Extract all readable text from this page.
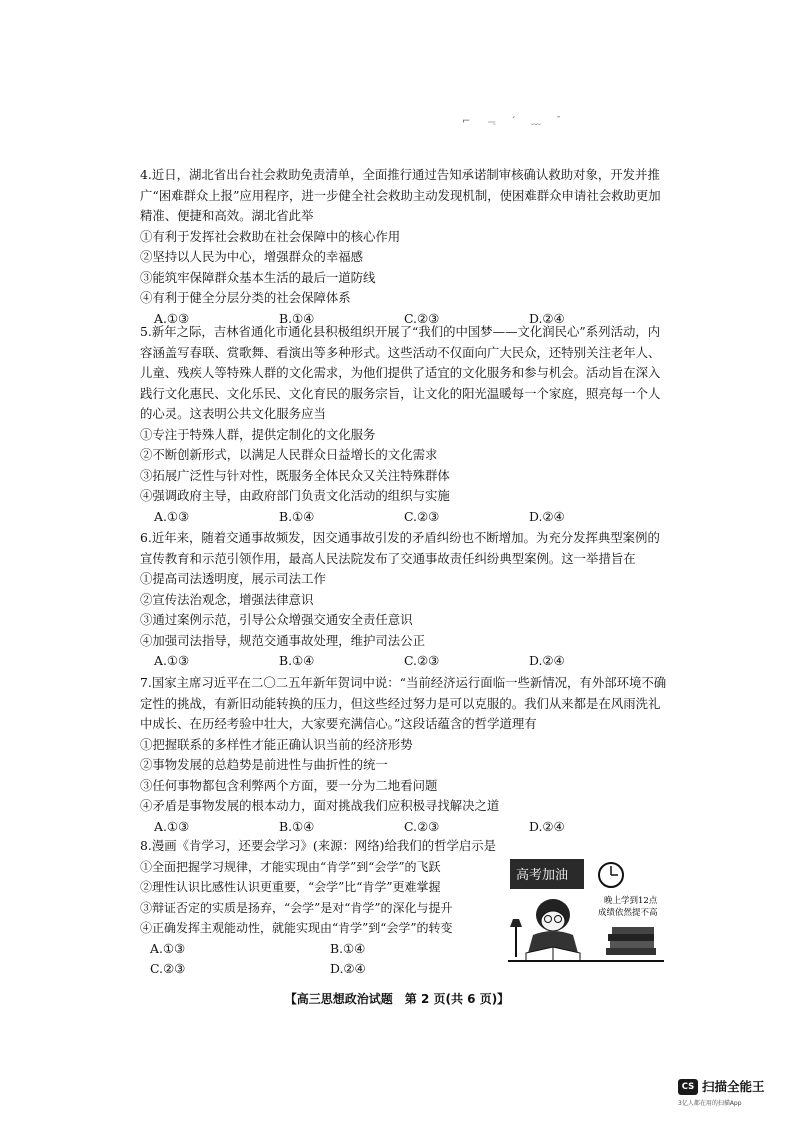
⌐ ﹃ ˊ ﹏ ˉ

4.近日，湖北省出台社会救助免责清单，全面推行通过告知承诺制审核确认救助对象，开发并推广“困难群众上报”应用程序，进一步健全社会救助主动发现机制，使困难群众申请社会救助更加精准、便捷和高效。湖北省此举

①有利于发挥社会救助在社会保障中的核心作用

②坚持以人民为中心，增强群众的幸福感

③能筑牢保障群众基本生活的最后一道防线

④有利于健全分层分类的社会保障体系

A.①③	B.①④	C.②③	D.②④

5.新年之际，吉林省通化市通化县积极组织开展了“我们的中国梦——文化润民心”系列活动，内容涵盖写春联、赏歌舞、看演出等多种形式。这些活动不仅面向广大民众，还特别关注老年人、儿童、残疾人等特殊人群的文化需求，为他们提供了适宜的文化服务和参与机会。活动旨在深入践行文化惠民、文化乐民、文化育民的服务宗旨，让文化的阳光温暖每一个家庭，照亮每一个人的心灵。这表明公共文化服务应当

①专注于特殊人群，提供定制化的文化服务

②不断创新形式，以满足人民群众日益增长的文化需求

③拓展广泛性与针对性，既服务全体民众又关注特殊群体

④强调政府主导，由政府部门负责文化活动的组织与实施

A.①③	B.①④	C.②③	D.②④

6.近年来，随着交通事故频发，因交通事故引发的矛盾纠纷也不断增加。为充分发挥典型案例的宣传教育和示范引领作用，最高人民法院发布了交通事故责任纠纷典型案例。这一举措旨在

①提高司法透明度，展示司法工作

②宣传法治观念，增强法律意识

③通过案例示范，引导公众增强交通安全责任意识

④加强司法指导，规范交通事故处理，维护司法公正

A.①③	B.①④	C.②③	D.②④

7.国家主席习近平在二〇二五年新年贺词中说：“当前经济运行面临一些新情况，有外部环境不确定性的挑战，有新旧动能转换的压力，但这些经过努力是可以克服的。我们从来都是在风雨洗礼中成长、在历经考验中壮大，大家要充满信心。”这段话蕴含的哲学道理有

①把握联系的多样性才能正确认识当前的经济形势

②事物发展的总趋势是前进性与曲折性的统一

③任何事物都包含利弊两个方面，要一分为二地看问题

④矛盾是事物发展的根本动力，面对挑战我们应积极寻找解决之道

A.①③	B.①④	C.②③	D.②④

8.漫画《肯学习，还要会学习》(来源：网络)给我们的哲学启示是

①全面把握学习规律，才能实现由“肯学”到“会学”的飞跃

②理性认识比感性认识更重要，“会学”比“肯学”更难掌握

③辩证否定的实质是扬弃，“会学”是对“肯学”的深化与提升

④正确发挥主观能动性，就能实现由“肯学”到“会学”的转变

A.①③	B.①④
C.②③	D.②④
高考加油
晚上学到12点
成绩依然提不高
【高三思想政治试题　第 2 页(共 6 页)】
CS 扫描全能王
3亿人都在用的扫描App
